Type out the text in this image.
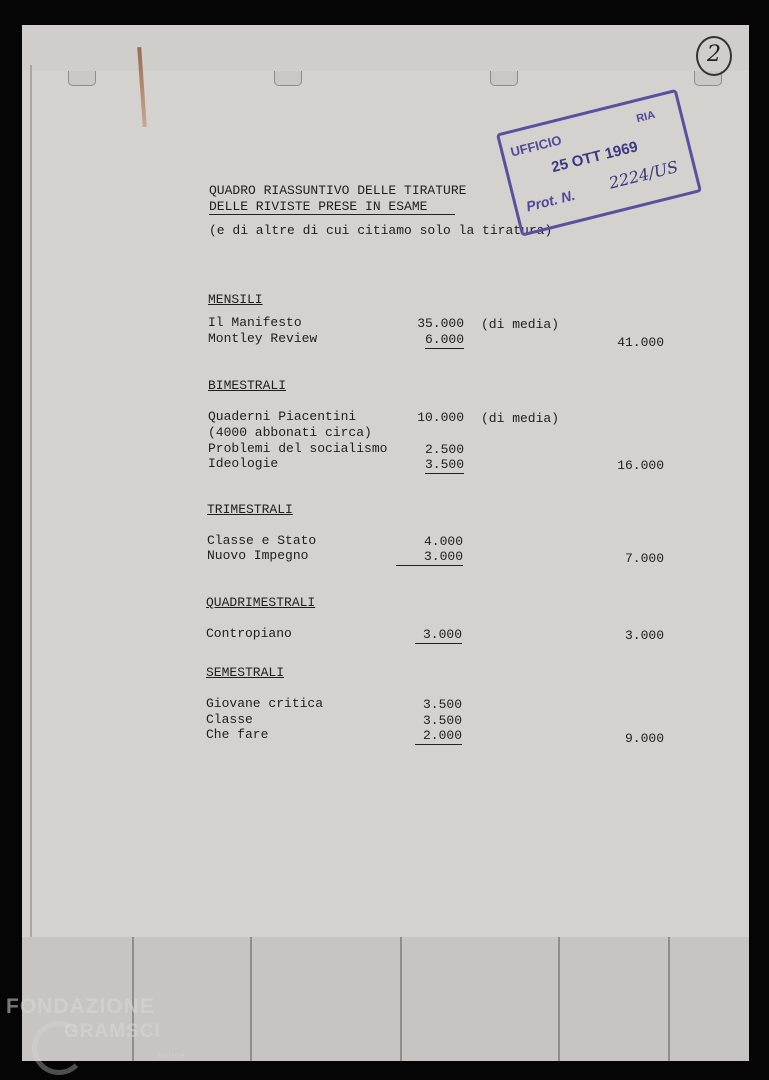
QUADRO RIASSUNTIVO DELLE TIRATURE
DELLE RIVISTE PRESE IN ESAME
(e di altre di cui citiamo solo la tiratura)
MENSILI
Il Manifesto	35.000 (di media)
Montley Review	6.000	41.000
BIMESTRALI
Quaderni Piacentini	10.000 (di media)
(4000 abbonati circa)
Problemi del socialismo	2.500
Ideologie	3.500	16.000
TRIMESTRALI
Classe e Stato	4.000
Nuovo Impegno	3.000	7.000
QUADRIMESTRALI
Contropiano	3.000	3.000
SEMESTRALI
Giovane critica	3.500
Classe	3.500
Che fare	2.000	9.000
UFFICIO
RIA
25 OTT 1969
Prot. N.
2224/US
2
FONDAZIONE
GRAMSCI
online
